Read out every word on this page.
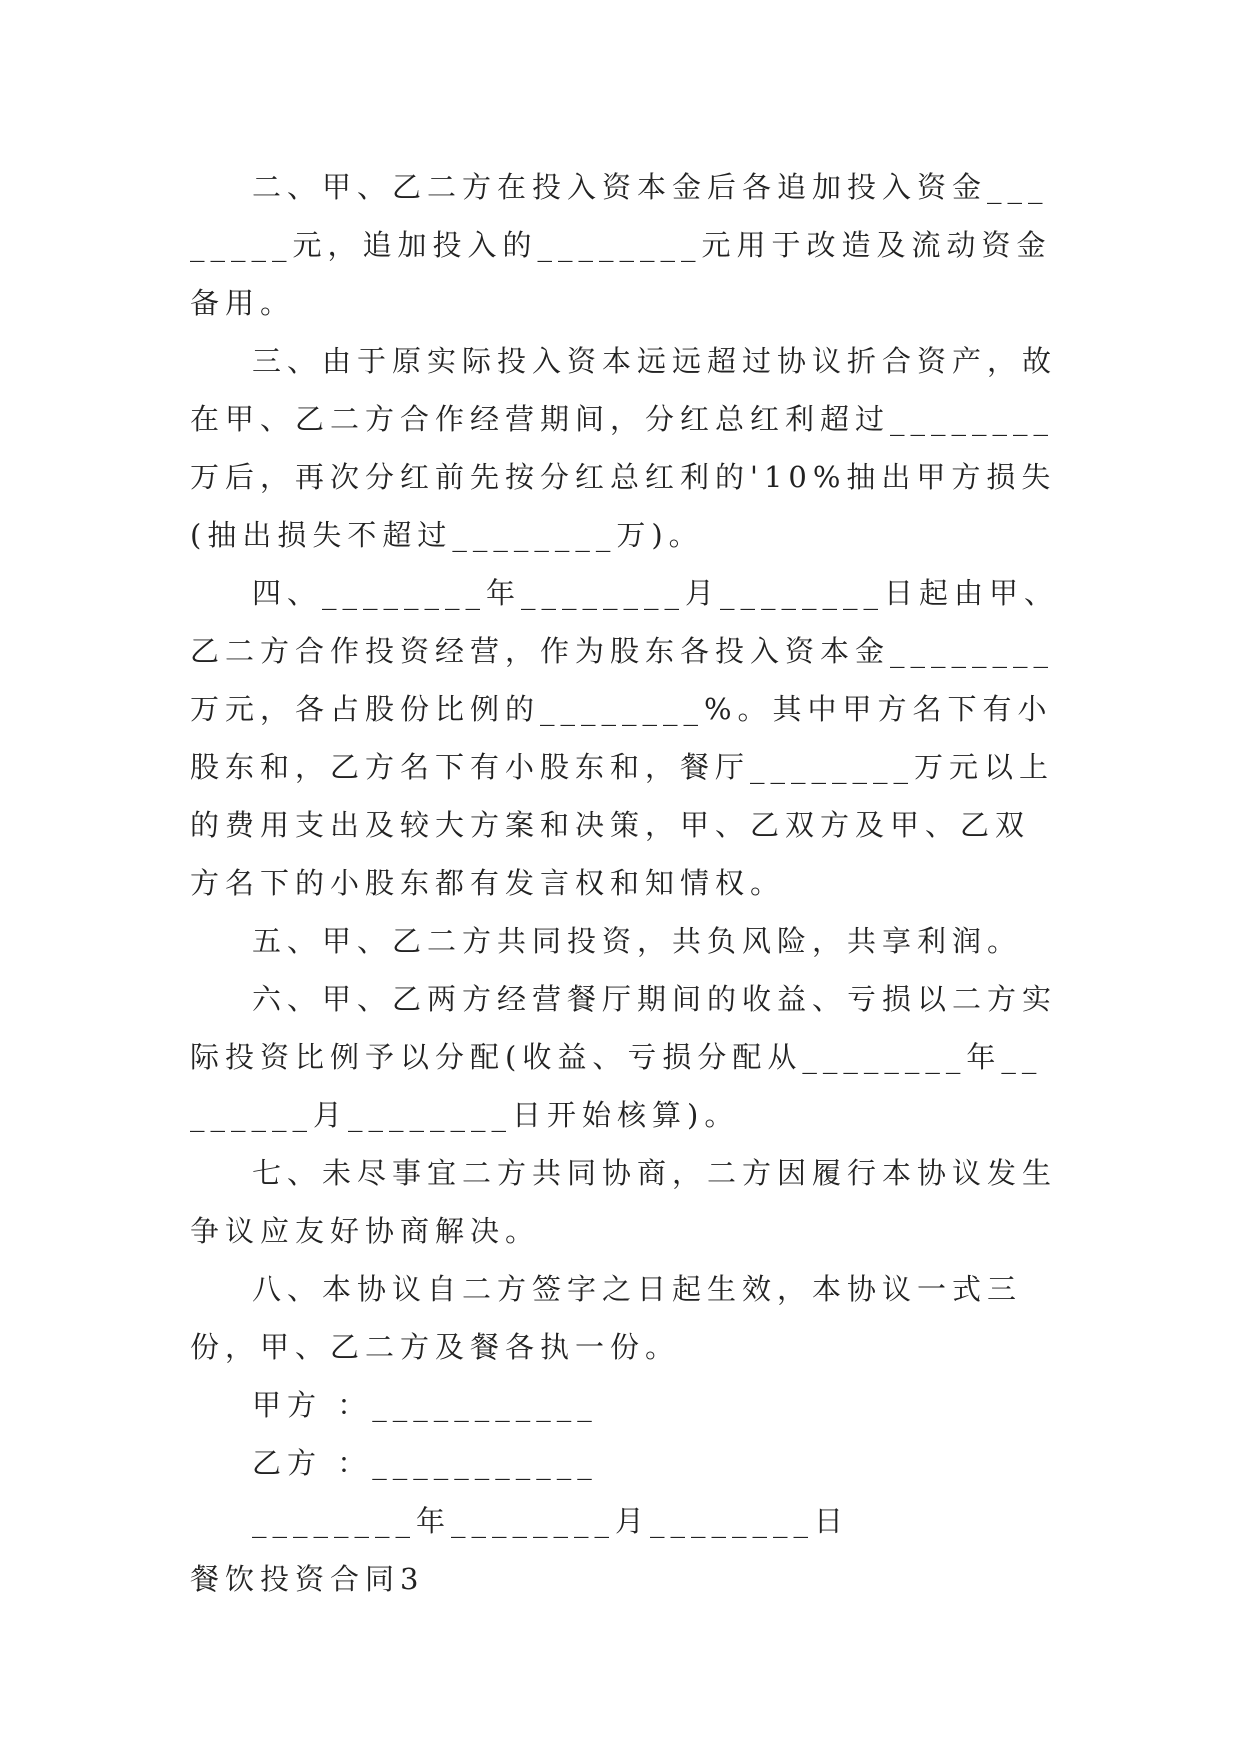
二、甲、乙二方在投入资本金后各追加投入资金________元，追加投入的________元用于改造及流动资金备用。

三、由于原实际投入资本远远超过协议折合资产，故在甲、乙二方合作经营期间，分红总红利超过________万后，再次分红前先按分红总红利的'10%抽出甲方损失(抽出损失不超过________万)。

四、________年________月________日起由甲、乙二方合作投资经营，作为股东各投入资本金________万元，各占股份比例的________%。其中甲方名下有小股东和，乙方名下有小股东和，餐厅________万元以上的费用支出及较大方案和决策，甲、乙双方及甲、乙双方名下的小股东都有发言权和知情权。

五、甲、乙二方共同投资，共负风险，共享利润。

六、甲、乙两方经营餐厅期间的收益、亏损以二方实际投资比例予以分配(收益、亏损分配从________年________月________日开始核算)。

七、未尽事宜二方共同协商，二方因履行本协议发生争议应友好协商解决。

八、本协议自二方签字之日起生效，本协议一式三份，甲、乙二方及餐各执一份。

甲方 ：___________

乙方 ：___________

________年________月________日

餐饮投资合同3
